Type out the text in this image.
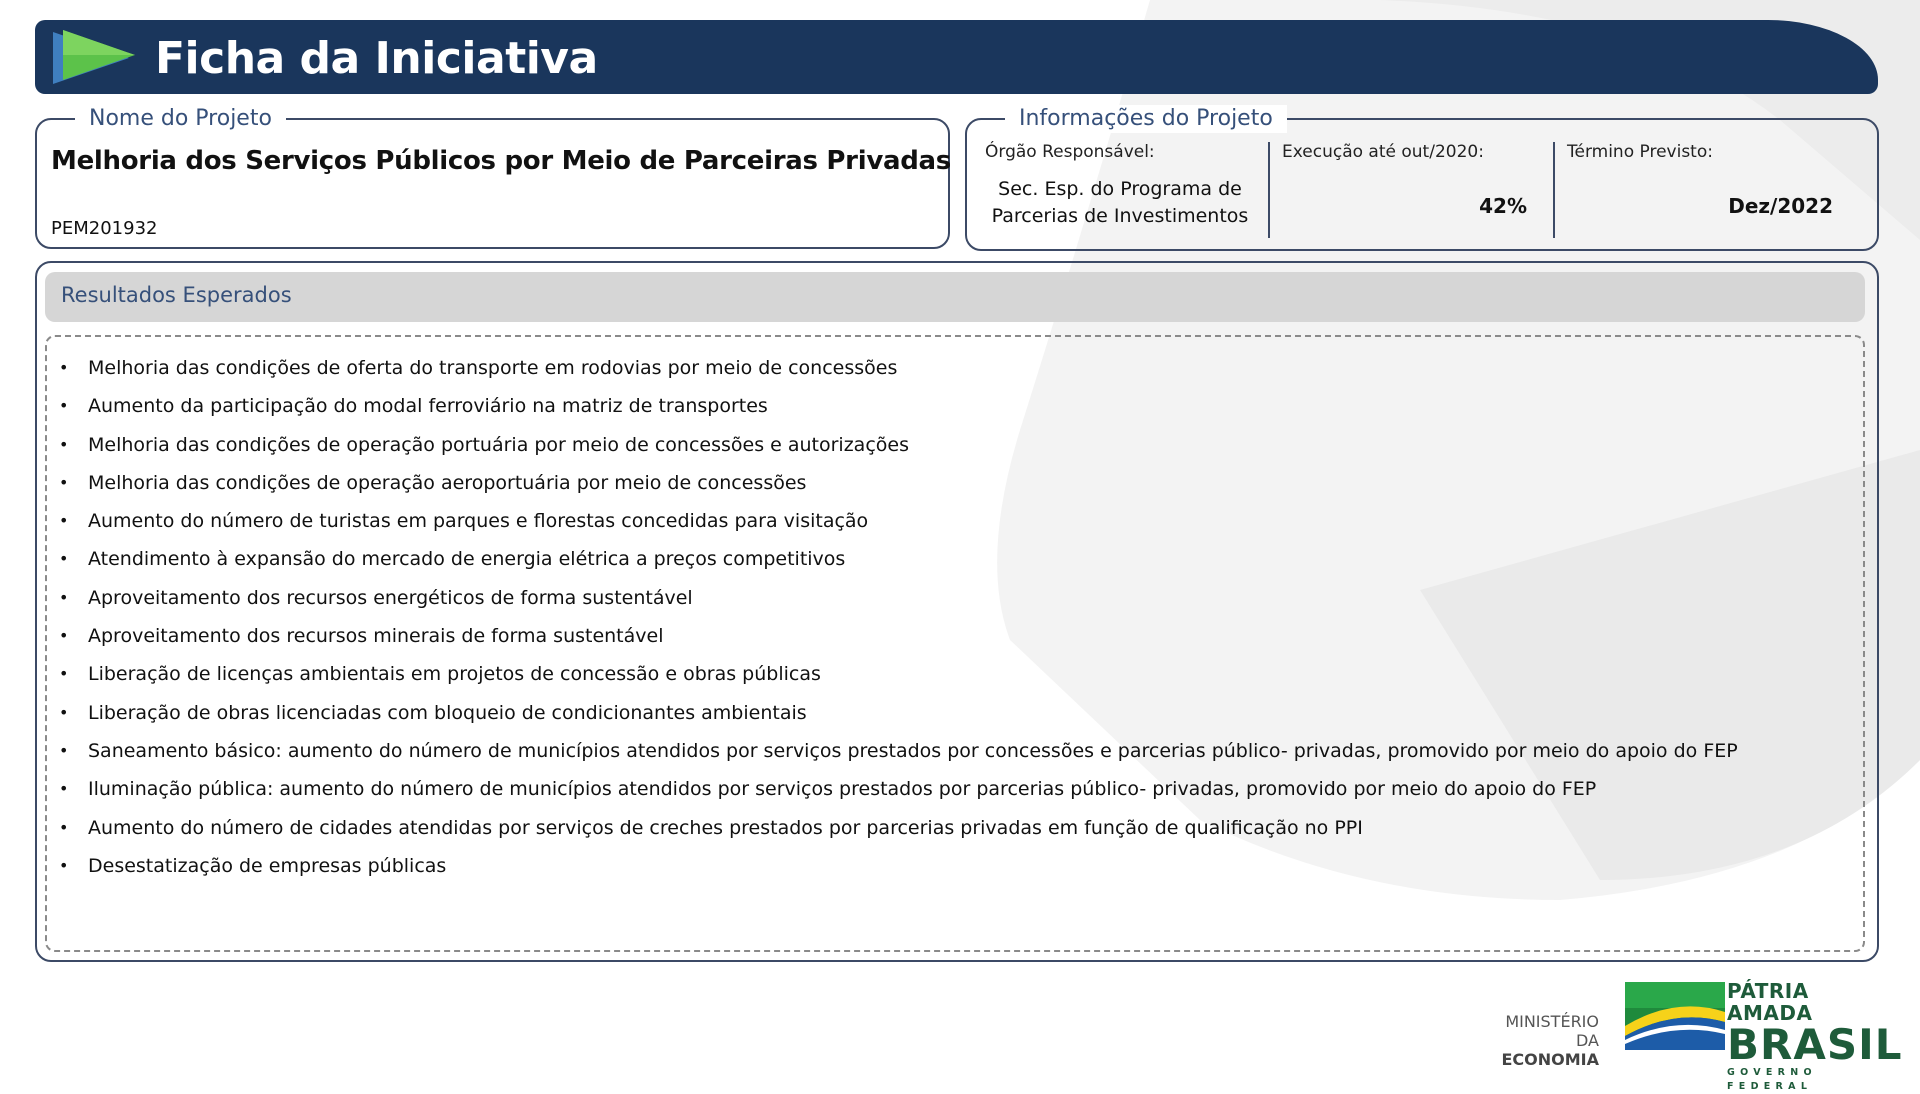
Ficha da Iniciativa
Nome do Projeto
Melhoria dos Serviços Públicos por Meio de Parceiras Privadas
PEM201932
Informações do Projeto
Órgão Responsável:
Sec. Esp. do Programa de
Parcerias de Investimentos
Execução até out/2020:
42%
Término Previsto:
Dez/2022
Resultados Esperados
• Melhoria das condições de oferta do transporte em rodovias por meio de concessões
• Aumento da participação do modal ferroviário na matriz de transportes
• Melhoria das condições de operação portuária por meio de concessões e autorizações
• Melhoria das condições de operação aeroportuária por meio de concessões
• Aumento do número de turistas em parques e florestas concedidas para visitação
• Atendimento à expansão do mercado de energia elétrica a preços competitivos
• Aproveitamento dos recursos energéticos de forma sustentável
• Aproveitamento dos recursos minerais de forma sustentável
• Liberação de licenças ambientais em projetos de concessão e obras públicas
• Liberação de obras licenciadas com bloqueio de condicionantes ambientais
• Saneamento básico: aumento do número de municípios atendidos por serviços prestados por concessões e parcerias público- privadas, promovido por meio do apoio do FEP
• Iluminação pública: aumento do número de municípios atendidos por serviços prestados por parcerias público- privadas, promovido por meio do apoio do FEP
• Aumento do número de cidades atendidas por serviços de creches prestados por parcerias privadas em função de qualificação no PPI
• Desestatização de empresas públicas
MINISTÉRIO DA
ECONOMIA
PÁTRIA AMADA
BRASIL
GOVERNO FEDERAL
